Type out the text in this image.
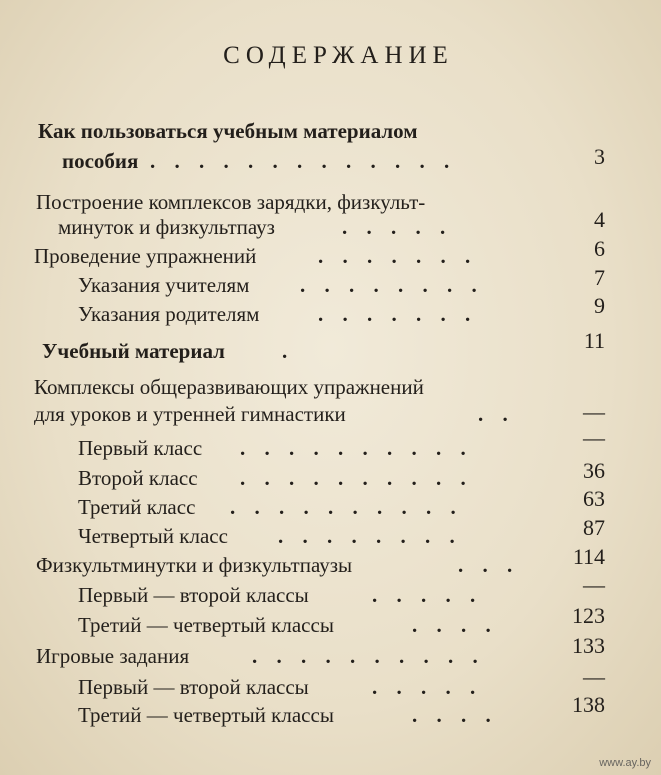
СОДЕРЖАНИЕ
Как пользоваться учебным материалом
пособия . . . . . . . . . . . . .	3
Построение комплексов зарядки, физкульт-
минуток и физкультпауз	. . . . .	4
Проведение упражнений	. . . . . . .	6
Указания учителям . . . . . . . .	7
Указания родителям	. . . . . . .	9
Учебный материал	.	11
Комплексы общеразвивающих упражнений
для уроков и утренней гимнастики	. .	—
Первый класс . . . . . . . . . .	—
Второй класс . . . . . . . . . .	36
Третий класс . . . . . . . . . .	63
Четвертый класс . . . . . . . .	87
Физкультминутки и физкультпаузы	. . .	114
Первый — второй классы	. . . . .	—
Третий — четвертый классы	. . . .	123
Игровые задания	. . . . . . . . . .	133
Первый — второй классы	. . . . .	—
Третий — четвертый классы	. . . .	138
www.ay.by
